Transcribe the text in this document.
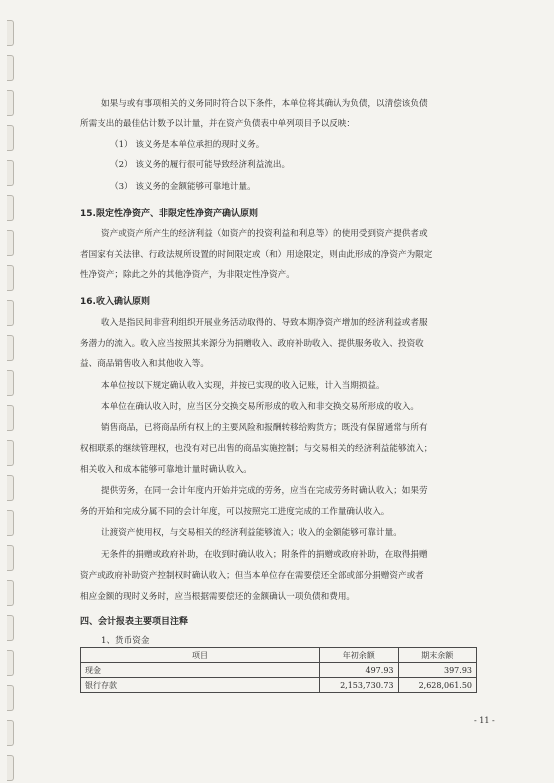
如果与或有事项相关的义务同时符合以下条件，本单位将其确认为负债，以清偿该负债
所需支出的最佳估计数予以计量，并在资产负债表中单列项目予以反映：
（1） 该义务是本单位承担的现时义务。
（2） 该义务的履行很可能导致经济利益流出。
（3） 该义务的金额能够可靠地计量。
15.限定性净资产、非限定性净资产确认原则
资产或资产所产生的经济利益（如资产的投资利益和利息等）的使用受到资产提供者或
者国家有关法律、行政法规所设置的时间限定或（和）用途限定，则由此形成的净资产为限定
性净资产；除此之外的其他净资产，为非限定性净资产。
16.收入确认原则
收入是指民间非营利组织开展业务活动取得的、导致本期净资产增加的经济利益或者服
务潜力的流入。收入应当按照其来源分为捐赠收入、政府补助收入、提供服务收入、投资收
益、商品销售收入和其他收入等。
本单位按以下规定确认收入实现，并按已实现的收入记账，计入当期损益。
本单位在确认收入时，应当区分交换交易所形成的收入和非交换交易所形成的收入。
销售商品，已将商品所有权上的主要风险和报酬转移给购货方；既没有保留通常与所有
权相联系的继续管理权，也没有对已出售的商品实施控制；与交易相关的经济利益能够流入；
相关收入和成本能够可靠地计量时确认收入。
提供劳务，在同一会计年度内开始并完成的劳务，应当在完成劳务时确认收入；如果劳
务的开始和完成分属不同的会计年度，可以按照完工进度完成的工作量确认收入。
让渡资产使用权，与交易相关的经济利益能够流入；收入的金额能够可靠计量。
无条件的捐赠或政府补助，在收到时确认收入；附条件的捐赠或政府补助，在取得捐赠
资产或政府补助资产控制权时确认收入；但当本单位存在需要偿还全部或部分捐赠资产或者
相应金额的现时义务时，应当根据需要偿还的金额确认一项负债和费用。
四、会计报表主要项目注释
1、货币资金
项目	年初余额	期末余额
现金	497.93	397.93
银行存款	2,153,730.73	2,628,061.50
- 11 -
